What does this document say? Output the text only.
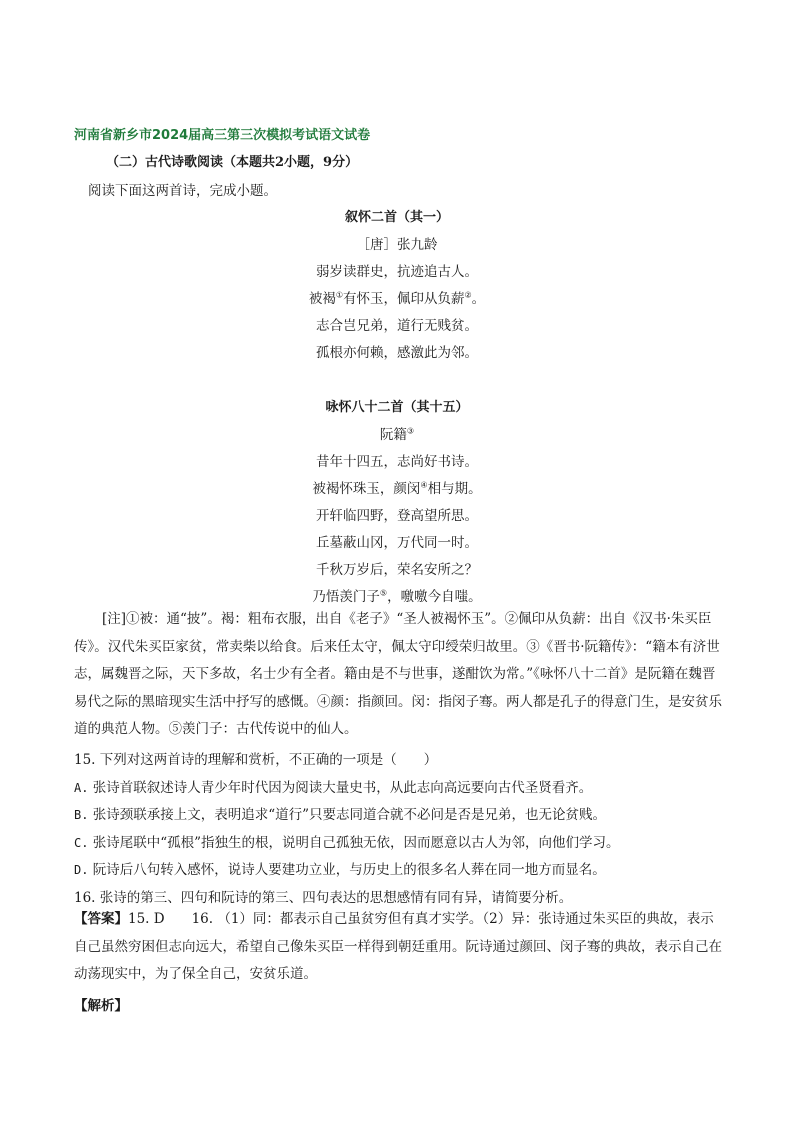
河南省新乡市2024届高三第三次模拟考试语文试卷
（二）古代诗歌阅读（本题共2小题，9分）
阅读下面这两首诗，完成小题。
叙怀二首（其一）
［唐］张九龄
弱岁读群史，抗迹追古人。
被褐①有怀玉，佩印从负薪②。
志合岂兄弟，道行无贱贫。
孤根亦何赖，感激此为邻。
咏怀八十二首（其十五）
阮籍③
昔年十四五，志尚好书诗。
被褐怀珠玉，颜闵④相与期。
开轩临四野，登高望所思。
丘墓蔽山冈，万代同一时。
千秋万岁后，荣名安所之？
乃悟羡门子⑤，噭噭今自嗤。
[注]①被：通“披”。褐：粗布衣服，出自《老子》“圣人被褐怀玉”。②佩印从负薪：出自《汉书·朱买臣传》。汉代朱买臣家贫，常卖柴以给食。后来任太守，佩太守印绶荣归故里。③《晋书·阮籍传》：“籍本有济世志，属魏晋之际，天下多故，名士少有全者。籍由是不与世事，遂酣饮为常。”《咏怀八十二首》是阮籍在魏晋易代之际的黑暗现实生活中抒写的感慨。④颜：指颜回。闵：指闵子骞。两人都是孔子的得意门生，是安贫乐道的典范人物。⑤羡门子：古代传说中的仙人。
15. 下列对这两首诗的理解和赏析，不正确的一项是（　　）
A. 张诗首联叙述诗人青少年时代因为阅读大量史书，从此志向高远要向古代圣贤看齐。
B. 张诗颈联承接上文，表明追求“道行”只要志同道合就不必问是否是兄弟，也无论贫贱。
C. 张诗尾联中“孤根”指独生的根，说明自己孤独无依，因而愿意以古人为邻，向他们学习。
D. 阮诗后八句转入感怀，说诗人要建功立业，与历史上的很多名人葬在同一地方而显名。
16. 张诗的第三、四句和阮诗的第三、四句表达的思想感情有同有异，请简要分析。
【答案】15. D　　16. （1）同：都表示自己虽贫穷但有真才实学。（2）异：张诗通过朱买臣的典故，表示自己虽然穷困但志向远大，希望自己像朱买臣一样得到朝廷重用。阮诗通过颜回、闵子骞的典故，表示自己在动荡现实中，为了保全自己，安贫乐道。
【解析】
